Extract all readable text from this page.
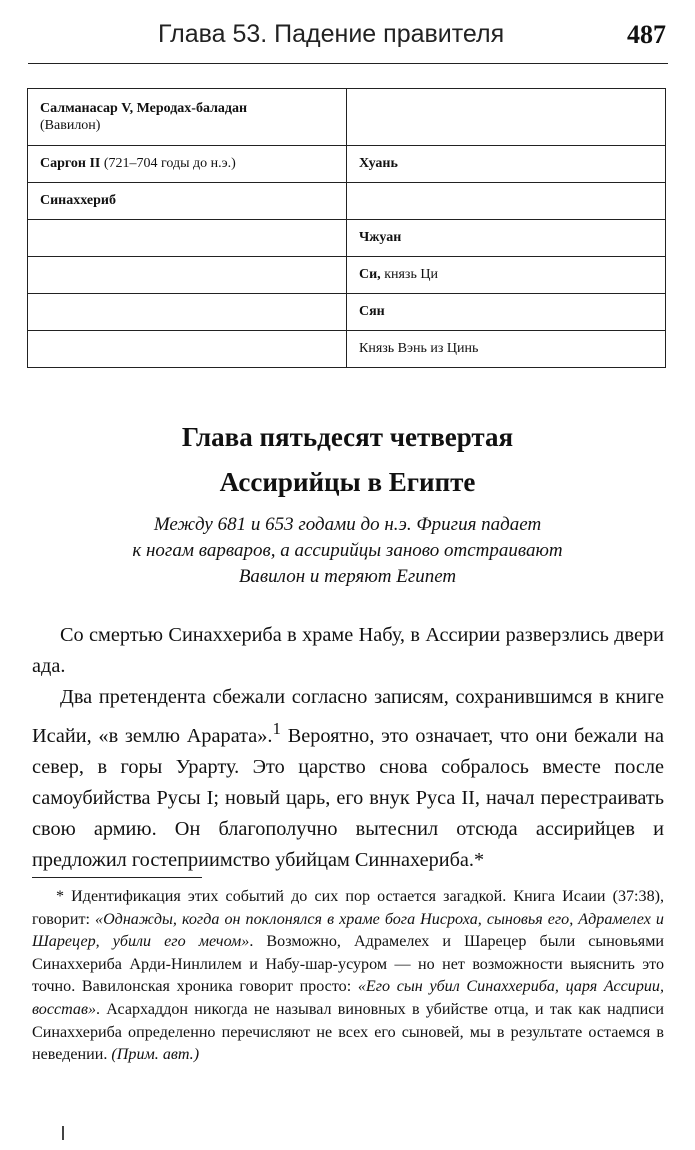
Глава 53. Падение правителя	487
Салманасар V, Меродах-баладан
(Вавилон)	
Саргон II (721–704 годы до н.э.)	Хуань
Синаххериб	
	Чжуан
	Си, князь Ци
	Сян
	Князь Вэнь из Цинь
Глава пятьдесят четвертая
Ассирийцы в Египте
Между 681 и 653 годами до н.э. Фригия падает
к ногам варваров, а ассирийцы заново отстраивают
Вавилон и теряют Египет

Со смертью Синаххериба в храме Набу, в Ассирии разверзлись двери ада.

Два претендента сбежали согласно записям, сохранившимся в книге Исайи, «в землю Арарата».$^1$ Вероятно, это означает, что они бежали на север, в горы Урарту. Это царство снова собралось вместе после самоубийства Русы I; новый царь, его внук Руса II, начал перестраивать свою армию. Он благополучно вытеснил отсюда ассирийцев и предложил гостеприимство убийцам Синнахериба.*

* Идентификация этих событий до сих пор остается загадкой. Книга Исаии (37:38), говорит: «Однажды, когда он поклонялся в храме бога Нисроха, сыновья его, Адрамелех и Шарецер, убили его мечом». Возможно, Адрамелех и Шарецер были сыновьями Синаххериба Арди-Нинлилем и Набу-шар-усуром — но нет возможности выяснить это точно. Вавилонская хроника говорит просто: «Его сын убил Синаххериба, царя Ассирии, восстав». Асархаддон никогда не называл виновных в убийстве отца, и так как надписи Синаххериба определенно перечисляют не всех его сыновей, мы в результате остаемся в неведении. (Прим. авт.)
